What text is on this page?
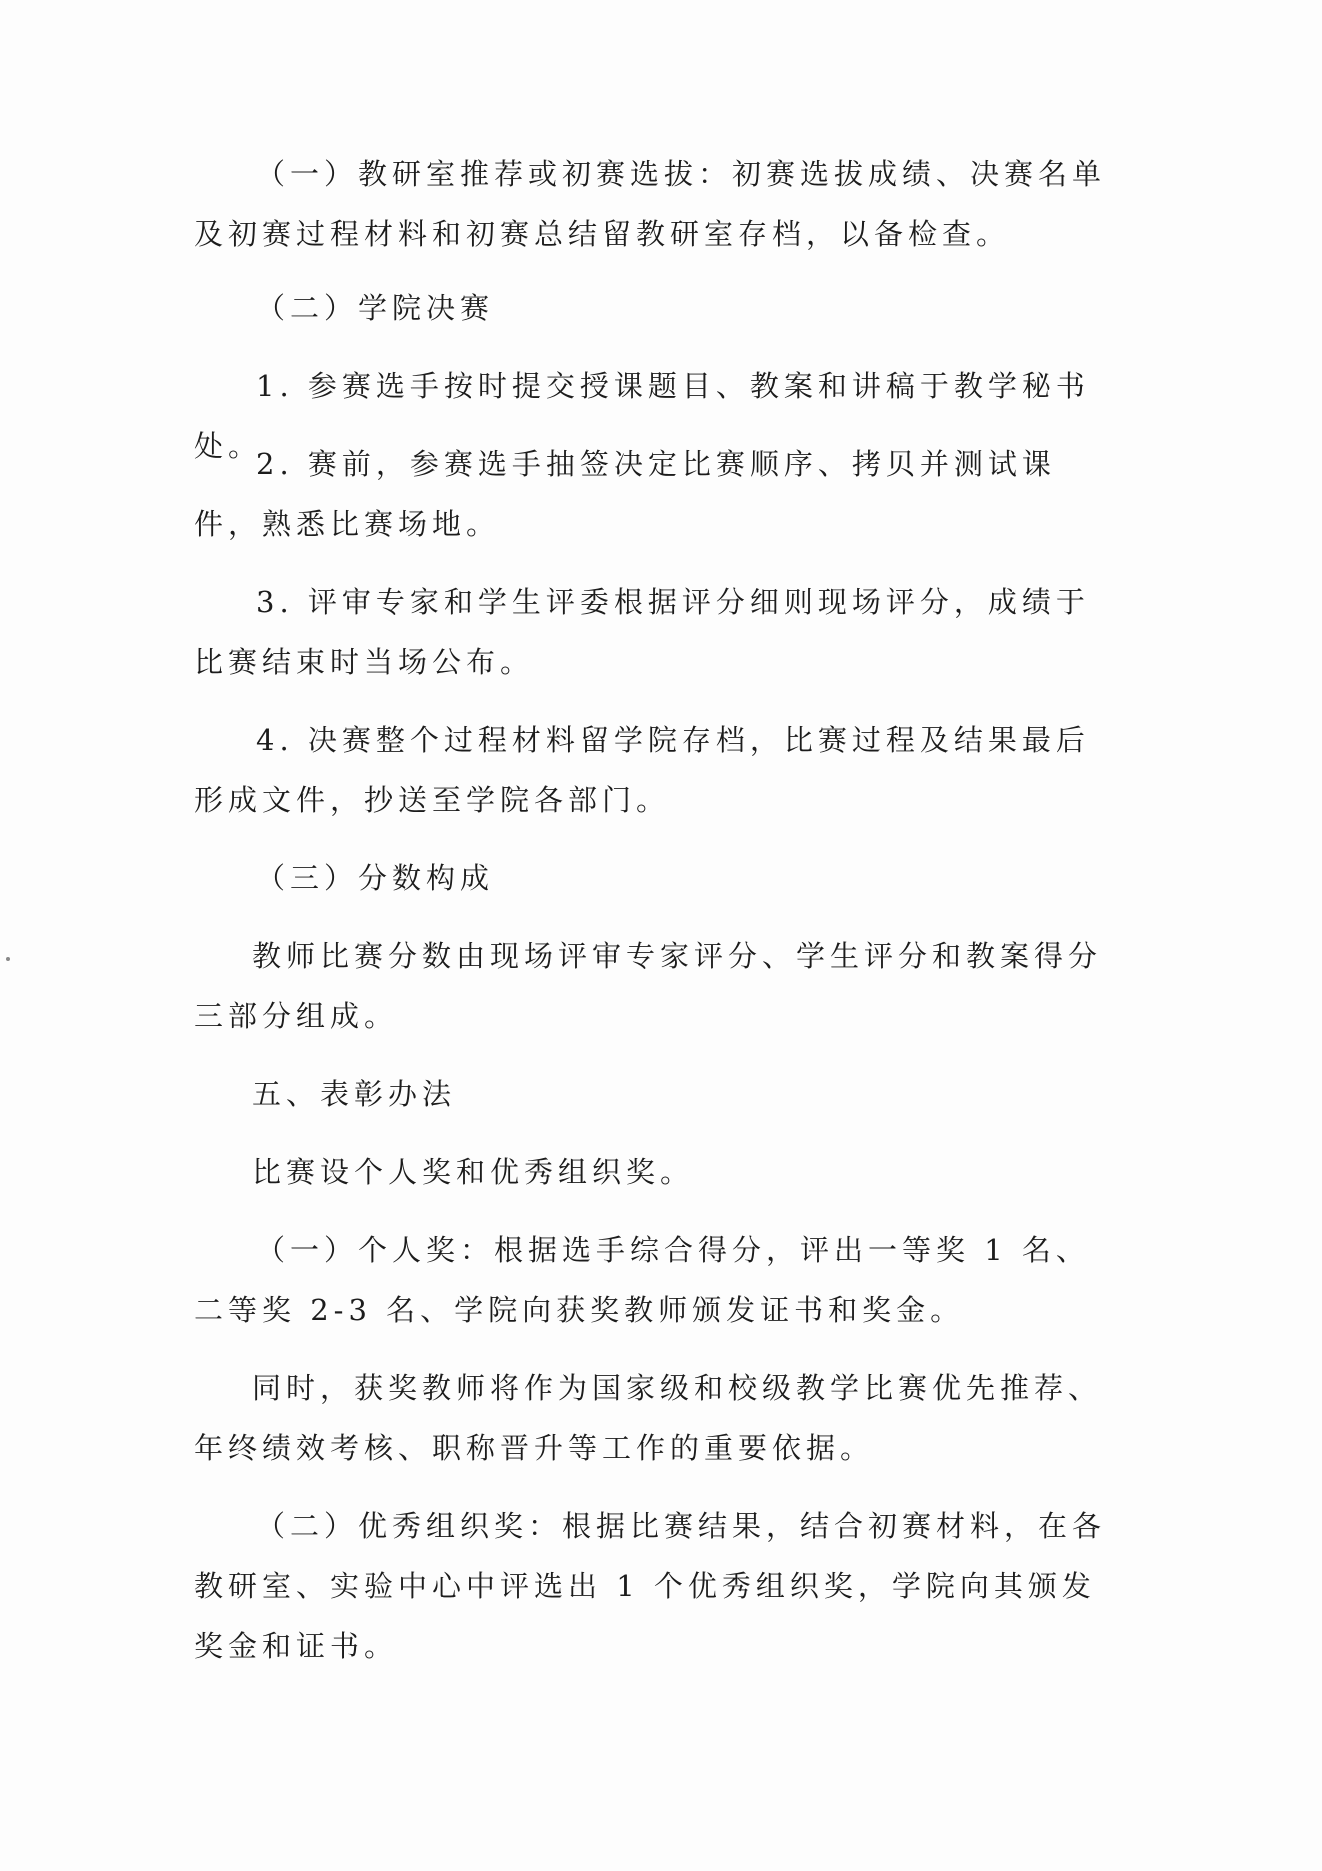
（一）教研室推荐或初赛选拔：初赛选拔成绩、决赛名单及初赛过程材料和初赛总结留教研室存档，以备检查。

（二）学院决赛

1. 参赛选手按时提交授课题目、教案和讲稿于教学秘书处。

2. 赛前，参赛选手抽签决定比赛顺序、拷贝并测试课件，熟悉比赛场地。

3. 评审专家和学生评委根据评分细则现场评分，成绩于比赛结束时当场公布。

4. 决赛整个过程材料留学院存档，比赛过程及结果最后形成文件，抄送至学院各部门。

（三）分数构成

教师比赛分数由现场评审专家评分、学生评分和教案得分三部分组成。

五、表彰办法

比赛设个人奖和优秀组织奖。

（一）个人奖：根据选手综合得分，评出一等奖 1 名、二等奖 2-3 名、学院向获奖教师颁发证书和奖金。

同时，获奖教师将作为国家级和校级教学比赛优先推荐、年终绩效考核、职称晋升等工作的重要依据。

（二）优秀组织奖：根据比赛结果，结合初赛材料，在各教研室、实验中心中评选出 1 个优秀组织奖，学院向其颁发奖金和证书。
